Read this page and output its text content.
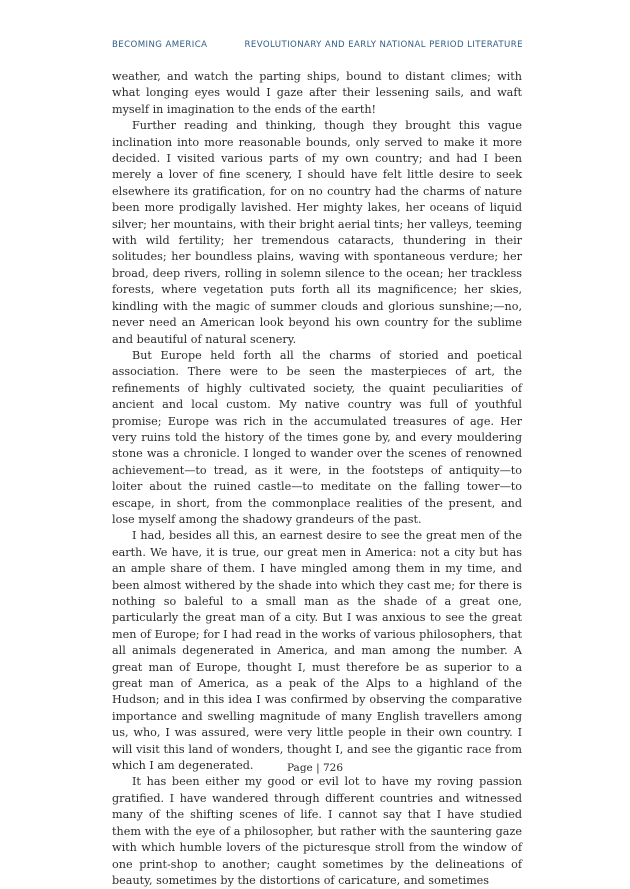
BECOMING AMERICA	REVOLUTIONARY AND EARLY NATIONAL PERIOD LITERATURE

weather, and watch the parting ships, bound to distant climes; with what longing eyes would I gaze after their lessening sails, and waft myself in imagination to the ends of the earth!

Further reading and thinking, though they brought this vague inclination into more reasonable bounds, only served to make it more decided. I visited various parts of my own country; and had I been merely a lover of fine scenery, I should have felt little desire to seek elsewhere its gratification, for on no country had the charms of nature been more prodigally lavished. Her mighty lakes, her oceans of liquid silver; her mountains, with their bright aerial tints; her valleys, teeming with wild fertility; her tremendous cataracts, thundering in their solitudes; her boundless plains, waving with spontaneous verdure; her broad, deep rivers, rolling in solemn silence to the ocean; her trackless forests, where vegetation puts forth all its magnificence; her skies, kindling with the magic of summer clouds and glorious sunshine;—no, never need an American look beyond his own country for the sublime and beautiful of natural scenery.

But Europe held forth all the charms of storied and poetical association. There were to be seen the masterpieces of art, the refinements of highly cultivated society, the quaint peculiarities of ancient and local custom. My native country was full of youthful promise; Europe was rich in the accumulated treasures of age. Her very ruins told the history of the times gone by, and every mouldering stone was a chronicle. I longed to wander over the scenes of renowned achievement—to tread, as it were, in the footsteps of antiquity—to loiter about the ruined castle—to meditate on the falling tower—to escape, in short, from the commonplace realities of the present, and lose myself among the shadowy grandeurs of the past.

I had, besides all this, an earnest desire to see the great men of the earth. We have, it is true, our great men in America: not a city but has an ample share of them. I have mingled among them in my time, and been almost withered by the shade into which they cast me; for there is nothing so baleful to a small man as the shade of a great one, particularly the great man of a city. But I was anxious to see the great men of Europe; for I had read in the works of various philosophers, that all animals degenerated in America, and man among the number. A great man of Europe, thought I, must therefore be as superior to a great man of America, as a peak of the Alps to a highland of the Hudson; and in this idea I was confirmed by observing the comparative importance and swelling magnitude of many English travellers among us, who, I was assured, were very little people in their own country. I will visit this land of wonders, thought I, and see the gigantic race from which I am degenerated.

It has been either my good or evil lot to have my roving passion gratified. I have wandered through different countries and witnessed many of the shifting scenes of life. I cannot say that I have studied them with the eye of a philosopher, but rather with the sauntering gaze with which humble lovers of the picturesque stroll from the window of one print-shop to another; caught sometimes by the delineations of beauty, sometimes by the distortions of caricature, and sometimes

Page | 726
